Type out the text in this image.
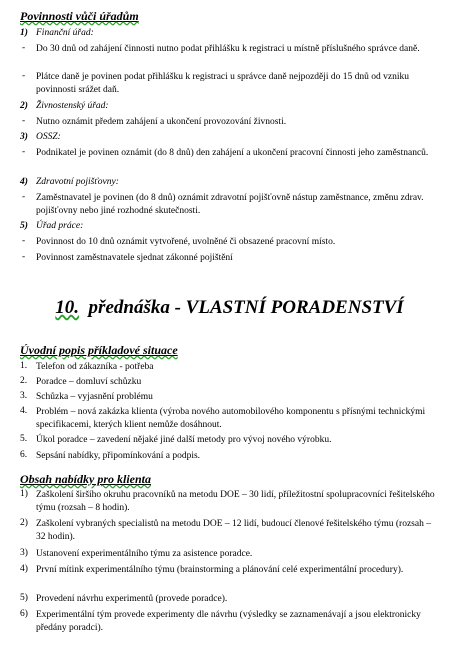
Povinnosti vůči úřadům
1) Finanční úřad:
- Do 30 dnů od zahájení činnosti nutno podat přihlášku k registraci u místně příslušného správce daně.
- Plátce daně je povinen podat přihlášku k registraci u správce daně nejpozději do 15 dnů od vzniku povinnosti srážet daň.
2) Živnostenský úřad:
- Nutno oznámit předem zahájení a ukončení provozování živnosti.
3) OSSZ:
- Podnikatel je povinen oznámit (do 8 dnů) den zahájení a ukončení pracovní činnosti jeho zaměstnanců.
4) Zdravotní pojišťovny:
- Zaměstnavatel je povinen (do 8 dnů) oznámit zdravotní pojišťovně nástup zaměstnance, změnu zdrav. pojišťovny nebo jiné rozhodné skutečnosti.
5) Úřad práce:
- Povinnost do 10 dnů oznámit vytvořené, uvolněné či obsazené pracovní místo.
- Povinnost zaměstnavatele sjednat zákonné pojištění
10. přednáška - VLASTNÍ PORADENSTVÍ
Úvodní popis příkladové situace
1. Telefon od zákazníka - potřeba
2. Poradce – domluví schůzku
3. Schůzka – vyjasnění problému
4. Problém – nová zakázka klienta (výroba nového automobilového komponentu s přísnými technickými specifikacemi, kterých klient nemůže dosáhnout.
5. Úkol poradce – zavedení nějaké jiné další metody pro vývoj nového výrobku.
6. Sepsání nabídky, připomínkování a podpis.
Obsah nabídky pro klienta
1) Zaškolení širšího okruhu pracovníků na metodu DOE – 30 lidí, příležitostní spolupracovníci řešitelského týmu (rozsah – 8 hodin).
2) Zaškolení vybraných specialistů na metodu DOE – 12 lidí, budoucí členové řešitelského týmu (rozsah – 32 hodin).
3) Ustanovení experimentálního týmu za asistence poradce.
4) První mítink experimentálního týmu (brainstorming a plánování celé experimentální procedury).
5) Provedení návrhu experimentů (provede poradce).
6) Experimentální tým provede experimenty dle návrhu (výsledky se zaznamenávají a jsou elektronicky předány poradci).
